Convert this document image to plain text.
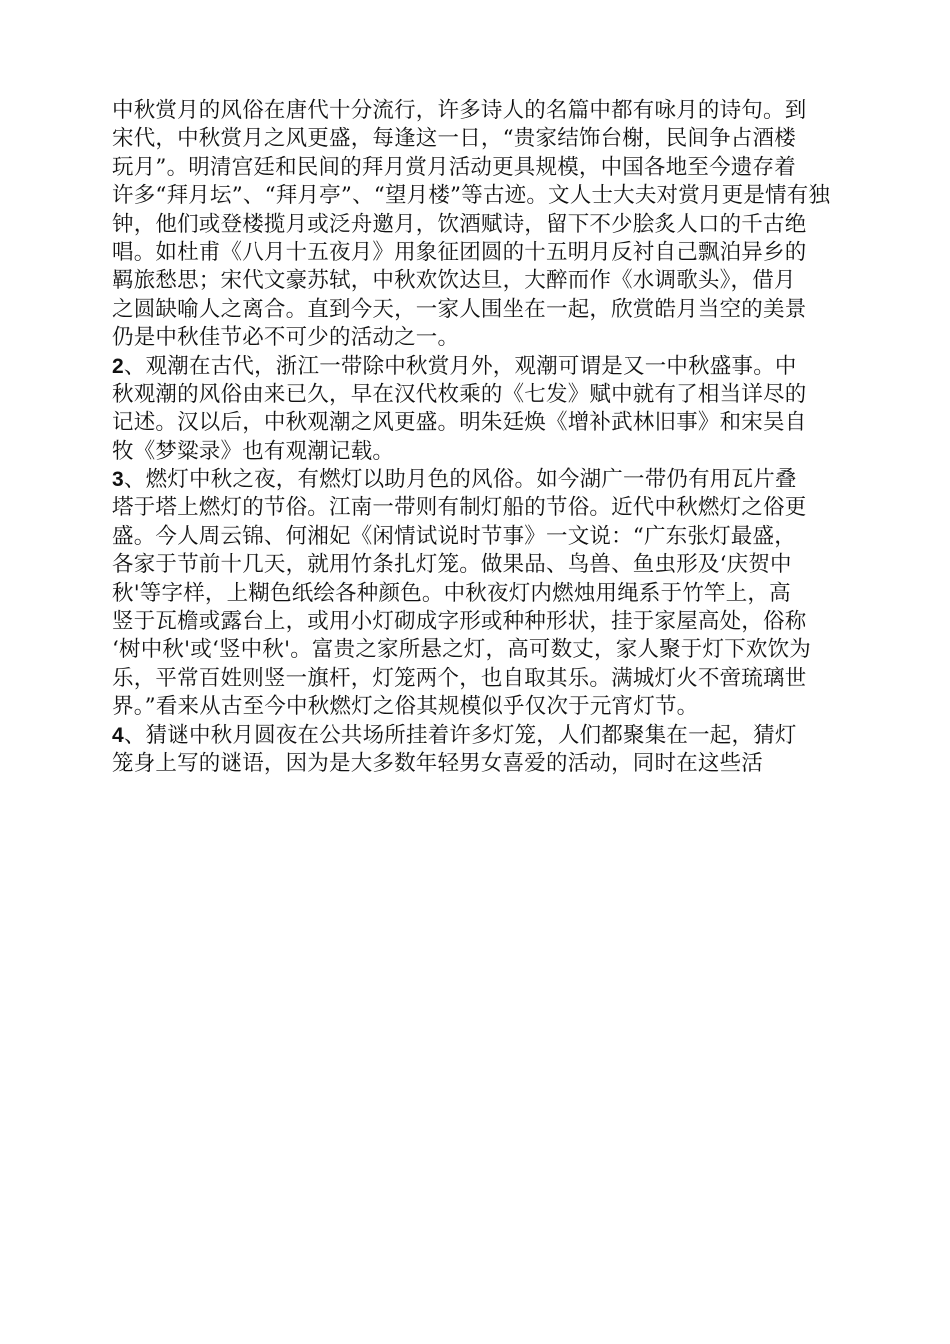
中秋赏月的风俗在唐代十分流行，许多诗人的名篇中都有咏月的诗句。到
宋代，中秋赏月之风更盛，每逢这一日，“贵家结饰台榭，民间争占酒楼
玩月”。明清宫廷和民间的拜月赏月活动更具规模，中国各地至今遗存着
许多“拜月坛”、“拜月亭”、“望月楼”等古迹。文人士大夫对赏月更是情有独
钟，他们或登楼揽月或泛舟邀月，饮酒赋诗，留下不少脍炙人口的千古绝
唱。如杜甫《八月十五夜月》用象征团圆的十五明月反衬自己飘泊异乡的
羁旅愁思；宋代文豪苏轼，中秋欢饮达旦，大醉而作《水调歌头》，借月
之圆缺喻人之离合。直到今天，一家人围坐在一起，欣赏皓月当空的美景
仍是中秋佳节必不可少的活动之一。
2、观潮在古代，浙江一带除中秋赏月外，观潮可谓是又一中秋盛事。中
秋观潮的风俗由来已久，早在汉代枚乘的《七发》赋中就有了相当详尽的
记述。汉以后，中秋观潮之风更盛。明朱廷焕《增补武林旧事》和宋吴自
牧《梦粱录》也有观潮记载。
3、燃灯中秋之夜，有燃灯以助月色的风俗。如今湖广一带仍有用瓦片叠
塔于塔上燃灯的节俗。江南一带则有制灯船的节俗。近代中秋燃灯之俗更
盛。今人周云锦、何湘妃《闲情试说时节事》一文说：“广东张灯最盛，
各家于节前十几天，就用竹条扎灯笼。做果品、鸟兽、鱼虫形及‘庆贺中
秋'等字样，上糊色纸绘各种颜色。中秋夜灯内燃烛用绳系于竹竿上，高
竖于瓦檐或露台上，或用小灯砌成字形或种种形状，挂于家屋高处，俗称
‘树中秋'或‘竖中秋'。富贵之家所悬之灯，高可数丈，家人聚于灯下欢饮为
乐，平常百姓则竖一旗杆，灯笼两个，也自取其乐。满城灯火不啻琉璃世
界。”看来从古至今中秋燃灯之俗其规模似乎仅次于元宵灯节。
4、猜谜中秋月圆夜在公共场所挂着许多灯笼，人们都聚集在一起，猜灯
笼身上写的谜语，因为是大多数年轻男女喜爱的活动，同时在这些活
